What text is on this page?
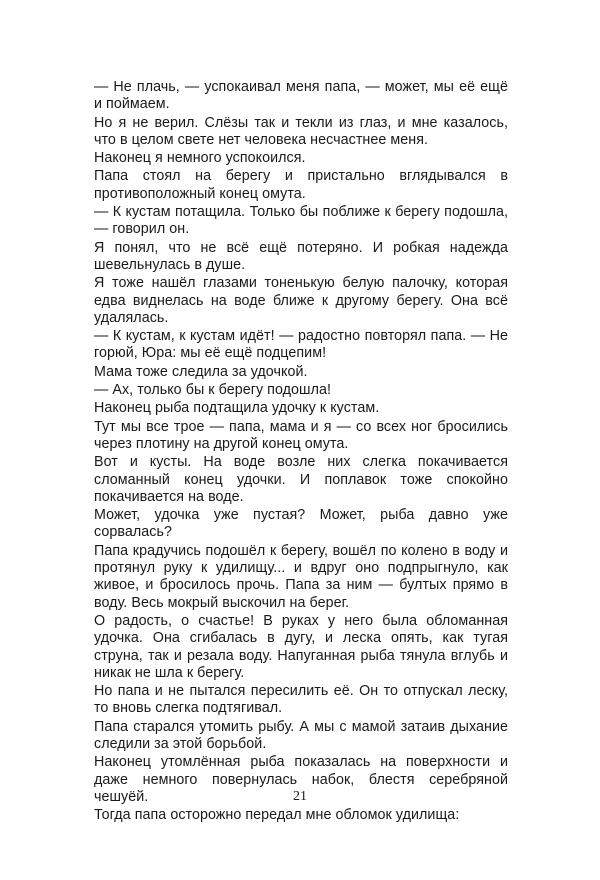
— Не плачь, — успокаивал меня папа, — может, мы её ещё и поймаем.

Но я не верил. Слёзы так и текли из глаз, и мне казалось, что в целом свете нет человека несчастнее меня.

Наконец я немного успокоился.

Папа стоял на берегу и пристально вглядывался в противоположный конец омута.

— К кустам потащила. Только бы поближе к берегу подошла, — говорил он.

Я понял, что не всё ещё потеряно. И робкая надежда шевельнулась в душе.

Я тоже нашёл глазами тоненькую белую палочку, которая едва виднелась на воде ближе к другому берегу. Она всё удалялась.

— К кустам, к кустам идёт! — радостно повторял папа. — Не горюй, Юра: мы её ещё подцепим!

Мама тоже следила за удочкой.

— Ах, только бы к берегу подошла!

Наконец рыба подтащила удочку к кустам.

Тут мы все трое — папа, мама и я — со всех ног бросились через плотину на другой конец омута.

Вот и кусты. На воде возле них слегка покачивается сломанный конец удочки. И поплавок тоже спокойно покачивается на воде.

Может, удочка уже пустая? Может, рыба давно уже сорвалась?

Папа крадучись подошёл к берегу, вошёл по колено в воду и протянул руку к удилищу... и вдруг оно подпрыгнуло, как живое, и бросилось прочь. Папа за ним — бултых прямо в воду. Весь мокрый выскочил на берег.

О радость, о счастье! В руках у него была обломанная удочка. Она сгибалась в дугу, и леска опять, как тугая струна, так и резала воду. Напуганная рыба тянула вглубь и никак не шла к берегу.

Но папа и не пытался пересилить её. Он то отпускал леску, то вновь слегка подтягивал.

Папа старался утомить рыбу. А мы с мамой затаив дыхание следили за этой борьбой.

Наконец утомлённая рыба показалась на поверхности и даже немного повернулась набок, блестя серебряной чешуёй.

Тогда папа осторожно передал мне обломок удилища:

21
